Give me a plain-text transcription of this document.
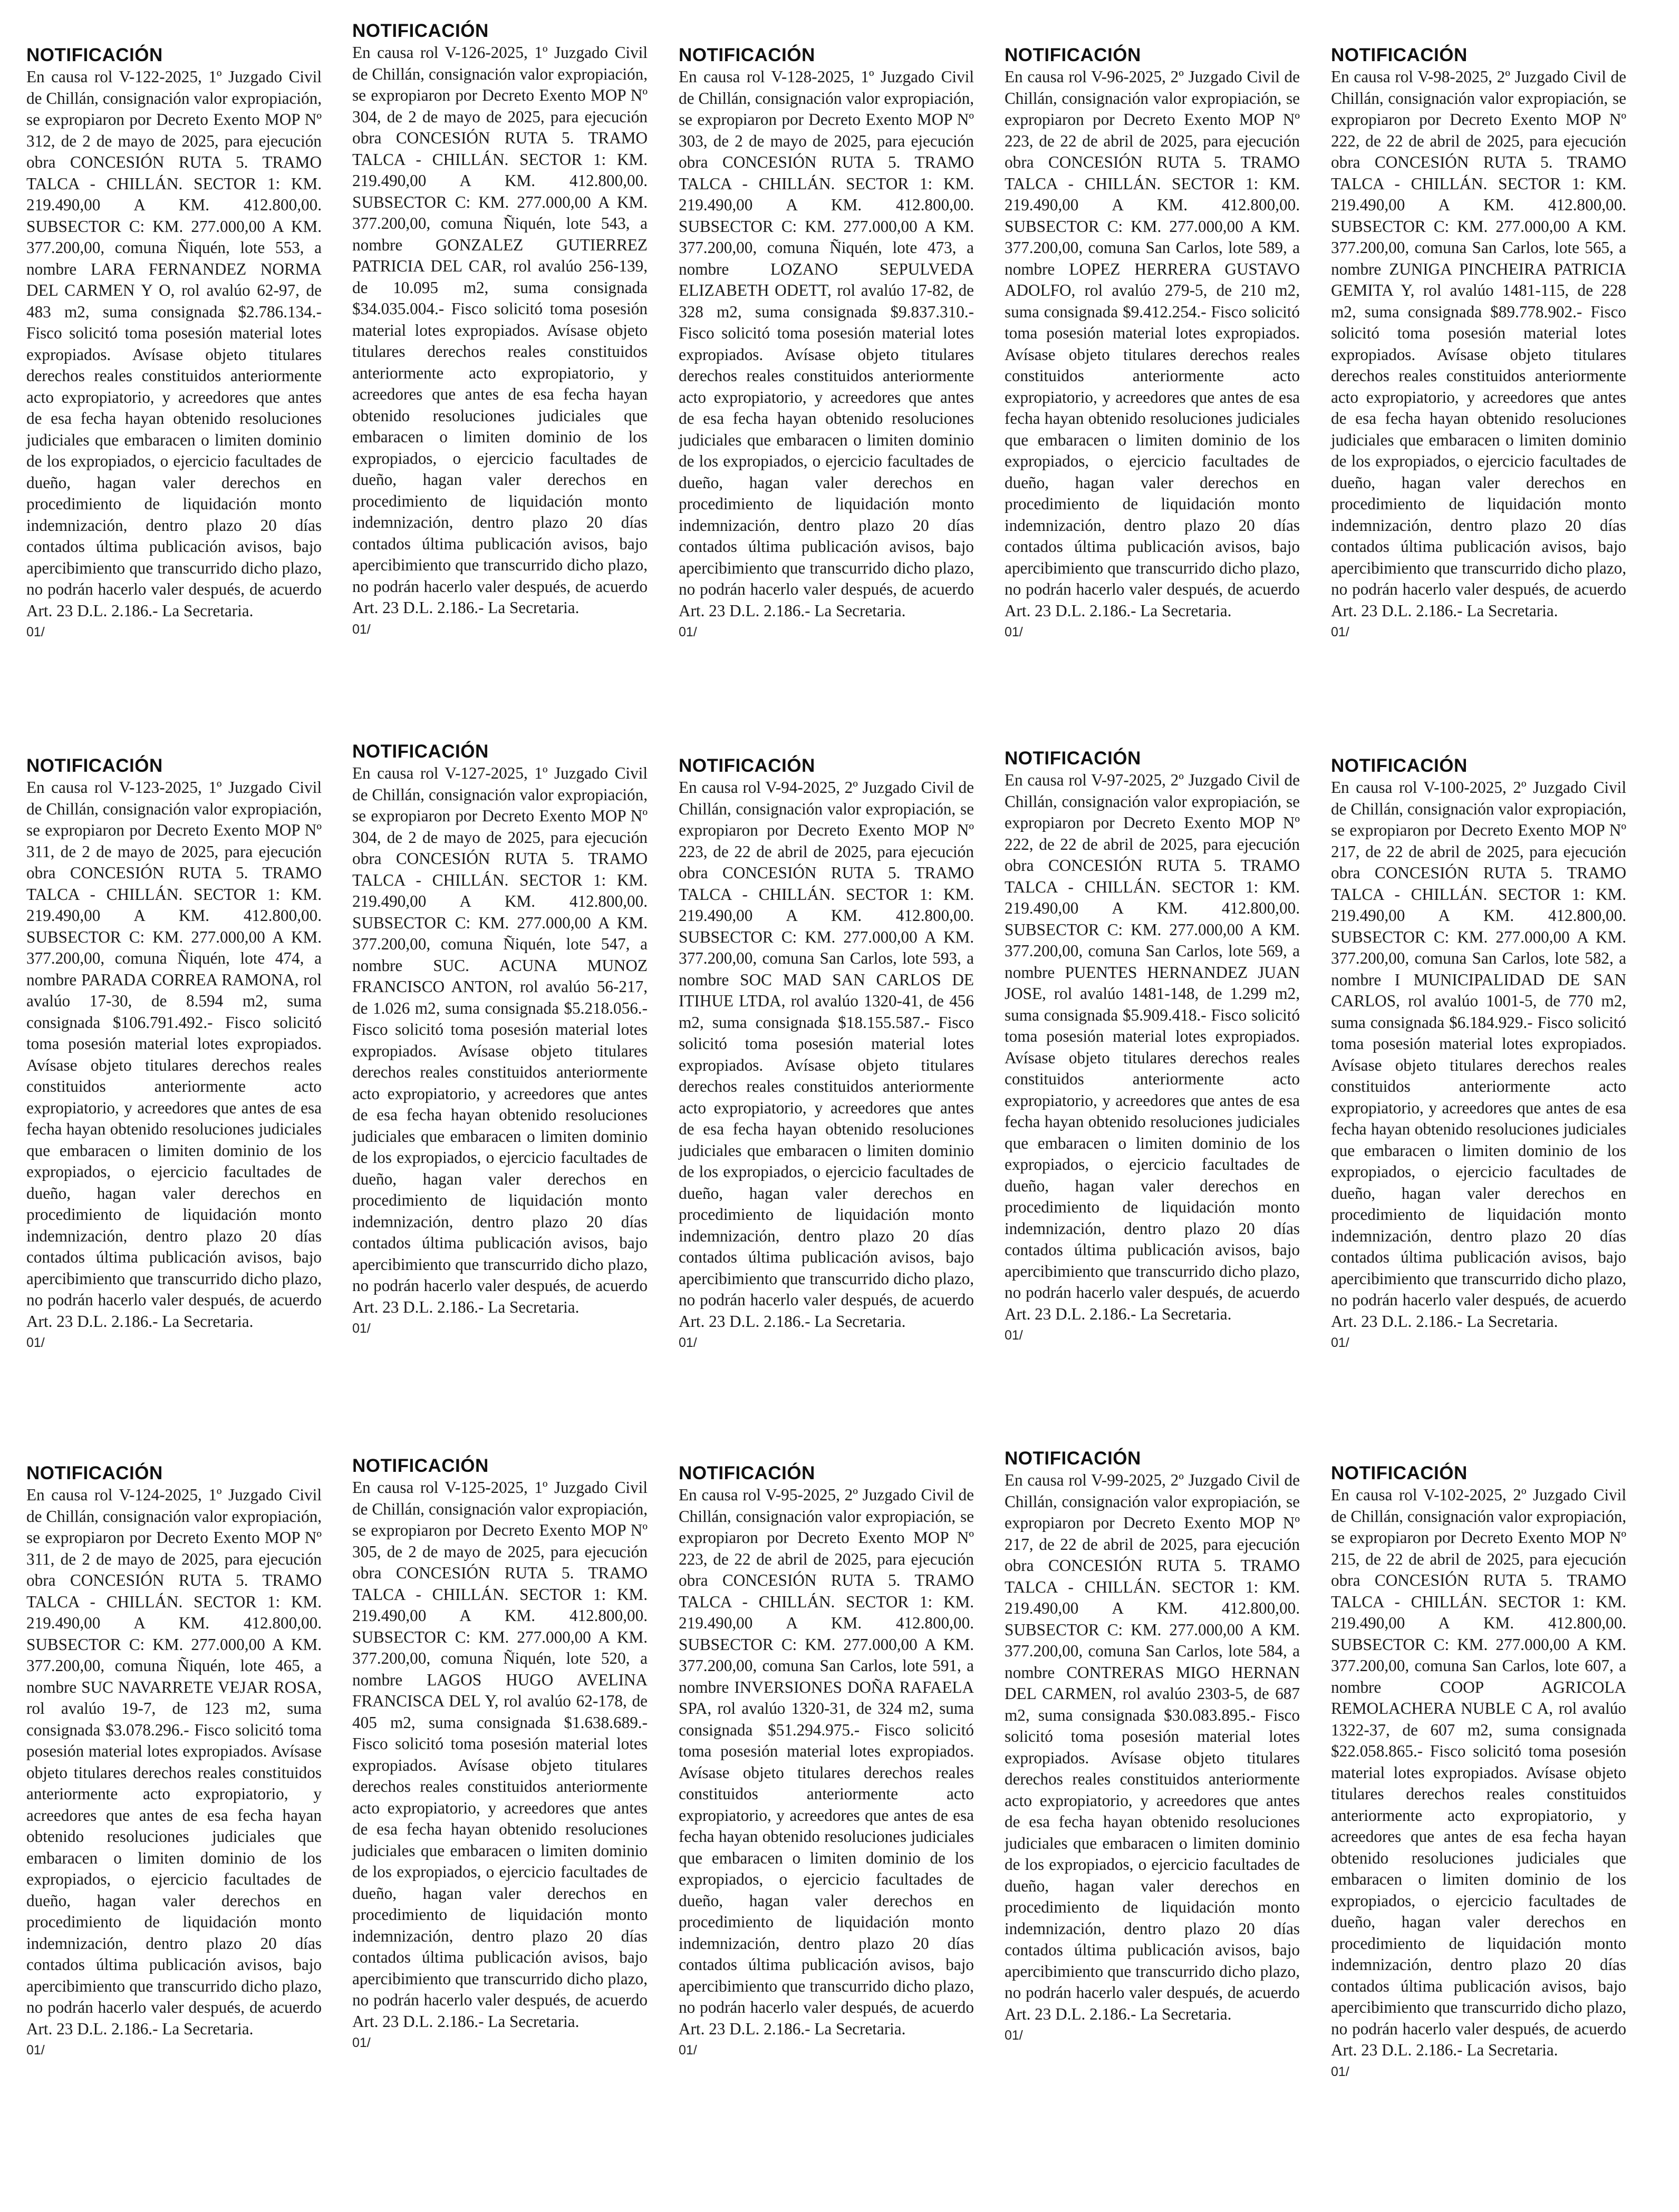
NOTIFICACIÓN

En causa rol V-122-2025, 1º Juzgado Civil de Chillán, consignación valor expropiación, se expropiaron por Decreto Exento MOP Nº 312, de 2 de mayo de 2025, para ejecución obra CONCESIÓN RUTA 5. TRAMO TALCA - CHILLÁN. SECTOR 1: KM. 219.490,00 A KM. 412.800,00. SUBSECTOR C: KM. 277.000,00 A KM. 377.200,00, comuna Ñiquén, lote 553, a nombre LARA FERNANDEZ NORMA DEL CARMEN Y O, rol avalúo 62-97, de 483 m2, suma consignada $2.786.134.- Fisco solicitó toma posesión material lotes expropiados. Avísase objeto titulares derechos reales constituidos anteriormente acto expropiatorio, y acreedores que antes de esa fecha hayan obtenido resoluciones judiciales que embaracen o limiten dominio de los expropiados, o ejercicio facultades de dueño, hagan valer derechos en procedimiento de liquidación monto indemnización, dentro plazo 20 días contados última publicación avisos, bajo apercibimiento que transcurrido dicho plazo, no podrán hacerlo valer después, de acuerdo Art. 23 D.L. 2.186.- La Secretaria.

01/
NOTIFICACIÓN

En causa rol V-126-2025, 1º Juzgado Civil de Chillán, consignación valor expropiación, se expropiaron por Decreto Exento MOP Nº 304, de 2 de mayo de 2025, para ejecución obra CONCESIÓN RUTA 5. TRAMO TALCA - CHILLÁN. SECTOR 1: KM. 219.490,00 A KM. 412.800,00. SUBSECTOR C: KM. 277.000,00 A KM. 377.200,00, comuna Ñiquén, lote 543, a nombre GONZALEZ GUTIERREZ PATRICIA DEL CAR, rol avalúo 256-139, de 10.095 m2, suma consignada $34.035.004.- Fisco solicitó toma posesión material lotes expropiados. Avísase objeto titulares derechos reales constituidos anteriormente acto expropiatorio, y acreedores que antes de esa fecha hayan obtenido resoluciones judiciales que embaracen o limiten dominio de los expropiados, o ejercicio facultades de dueño, hagan valer derechos en procedimiento de liquidación monto indemnización, dentro plazo 20 días contados última publicación avisos, bajo apercibimiento que transcurrido dicho plazo, no podrán hacerlo valer después, de acuerdo Art. 23 D.L. 2.186.- La Secretaria.

01/
NOTIFICACIÓN

En causa rol V-128-2025, 1º Juzgado Civil de Chillán, consignación valor expropiación, se expropiaron por Decreto Exento MOP Nº 303, de 2 de mayo de 2025, para ejecución obra CONCESIÓN RUTA 5. TRAMO TALCA - CHILLÁN. SECTOR 1: KM. 219.490,00 A KM. 412.800,00. SUBSECTOR C: KM. 277.000,00 A KM. 377.200,00, comuna Ñiquén, lote 473, a nombre LOZANO SEPULVEDA ELIZABETH ODETT, rol avalúo 17-82, de 328 m2, suma consignada $9.837.310.- Fisco solicitó toma posesión material lotes expropiados. Avísase objeto titulares derechos reales constituidos anteriormente acto expropiatorio, y acreedores que antes de esa fecha hayan obtenido resoluciones judiciales que embaracen o limiten dominio de los expropiados, o ejercicio facultades de dueño, hagan valer derechos en procedimiento de liquidación monto indemnización, dentro plazo 20 días contados última publicación avisos, bajo apercibimiento que transcurrido dicho plazo, no podrán hacerlo valer después, de acuerdo Art. 23 D.L. 2.186.- La Secretaria.

01/
NOTIFICACIÓN

En causa rol V-96-2025, 2º Juzgado Civil de Chillán, consignación valor expropiación, se expropiaron por Decreto Exento MOP Nº 223, de 22 de abril de 2025, para ejecución obra CONCESIÓN RUTA 5. TRAMO TALCA - CHILLÁN. SECTOR 1: KM. 219.490,00 A KM. 412.800,00. SUBSECTOR C: KM. 277.000,00 A KM. 377.200,00, comuna San Carlos, lote 589, a nombre LOPEZ HERRERA GUSTAVO ADOLFO, rol avalúo 279-5, de 210 m2, suma consignada $9.412.254.- Fisco solicitó toma posesión material lotes expropiados. Avísase objeto titulares derechos reales constituidos anteriormente acto expropiatorio, y acreedores que antes de esa fecha hayan obtenido resoluciones judiciales que embaracen o limiten dominio de los expropiados, o ejercicio facultades de dueño, hagan valer derechos en procedimiento de liquidación monto indemnización, dentro plazo 20 días contados última publicación avisos, bajo apercibimiento que transcurrido dicho plazo, no podrán hacerlo valer después, de acuerdo Art. 23 D.L. 2.186.- La Secretaria.

01/
NOTIFICACIÓN

En causa rol V-98-2025, 2º Juzgado Civil de Chillán, consignación valor expropiación, se expropiaron por Decreto Exento MOP Nº 222, de 22 de abril de 2025, para ejecución obra CONCESIÓN RUTA 5. TRAMO TALCA - CHILLÁN. SECTOR 1: KM. 219.490,00 A KM. 412.800,00. SUBSECTOR C: KM. 277.000,00 A KM. 377.200,00, comuna San Carlos, lote 565, a nombre ZUNIGA PINCHEIRA PATRICIA GEMITA Y, rol avalúo 1481-115, de 228 m2, suma consignada $89.778.902.- Fisco solicitó toma posesión material lotes expropiados. Avísase objeto titulares derechos reales constituidos anteriormente acto expropiatorio, y acreedores que antes de esa fecha hayan obtenido resoluciones judiciales que embaracen o limiten dominio de los expropiados, o ejercicio facultades de dueño, hagan valer derechos en procedimiento de liquidación monto indemnización, dentro plazo 20 días contados última publicación avisos, bajo apercibimiento que transcurrido dicho plazo, no podrán hacerlo valer después, de acuerdo Art. 23 D.L. 2.186.- La Secretaria.

01/
NOTIFICACIÓN

En causa rol V-123-2025, 1º Juzgado Civil de Chillán, consignación valor expropiación, se expropiaron por Decreto Exento MOP Nº 311, de 2 de mayo de 2025, para ejecución obra CONCESIÓN RUTA 5. TRAMO TALCA - CHILLÁN. SECTOR 1: KM. 219.490,00 A KM. 412.800,00. SUBSECTOR C: KM. 277.000,00 A KM. 377.200,00, comuna Ñiquén, lote 474, a nombre PARADA CORREA RAMONA, rol avalúo 17-30, de 8.594 m2, suma consignada $106.791.492.- Fisco solicitó toma posesión material lotes expropiados. Avísase objeto titulares derechos reales constituidos anteriormente acto expropiatorio, y acreedores que antes de esa fecha hayan obtenido resoluciones judiciales que embaracen o limiten dominio de los expropiados, o ejercicio facultades de dueño, hagan valer derechos en procedimiento de liquidación monto indemnización, dentro plazo 20 días contados última publicación avisos, bajo apercibimiento que transcurrido dicho plazo, no podrán hacerlo valer después, de acuerdo Art. 23 D.L. 2.186.- La Secretaria.

01/
NOTIFICACIÓN

En causa rol V-127-2025, 1º Juzgado Civil de Chillán, consignación valor expropiación, se expropiaron por Decreto Exento MOP Nº 304, de 2 de mayo de 2025, para ejecución obra CONCESIÓN RUTA 5. TRAMO TALCA - CHILLÁN. SECTOR 1: KM. 219.490,00 A KM. 412.800,00. SUBSECTOR C: KM. 277.000,00 A KM. 377.200,00, comuna Ñiquén, lote 547, a nombre SUC. ACUNA MUNOZ FRANCISCO ANTON, rol avalúo 56-217, de 1.026 m2, suma consignada $5.218.056.- Fisco solicitó toma posesión material lotes expropiados. Avísase objeto titulares derechos reales constituidos anteriormente acto expropiatorio, y acreedores que antes de esa fecha hayan obtenido resoluciones judiciales que embaracen o limiten dominio de los expropiados, o ejercicio facultades de dueño, hagan valer derechos en procedimiento de liquidación monto indemnización, dentro plazo 20 días contados última publicación avisos, bajo apercibimiento que transcurrido dicho plazo, no podrán hacerlo valer después, de acuerdo Art. 23 D.L. 2.186.- La Secretaria.

01/
NOTIFICACIÓN

En causa rol V-94-2025, 2º Juzgado Civil de Chillán, consignación valor expropiación, se expropiaron por Decreto Exento MOP Nº 223, de 22 de abril de 2025, para ejecución obra CONCESIÓN RUTA 5. TRAMO TALCA - CHILLÁN. SECTOR 1: KM. 219.490,00 A KM. 412.800,00. SUBSECTOR C: KM. 277.000,00 A KM. 377.200,00, comuna San Carlos, lote 593, a nombre SOC MAD SAN CARLOS DE ITIHUE LTDA, rol avalúo 1320-41, de 456 m2, suma consignada $18.155.587.- Fisco solicitó toma posesión material lotes expropiados. Avísase objeto titulares derechos reales constituidos anteriormente acto expropiatorio, y acreedores que antes de esa fecha hayan obtenido resoluciones judiciales que embaracen o limiten dominio de los expropiados, o ejercicio facultades de dueño, hagan valer derechos en procedimiento de liquidación monto indemnización, dentro plazo 20 días contados última publicación avisos, bajo apercibimiento que transcurrido dicho plazo, no podrán hacerlo valer después, de acuerdo Art. 23 D.L. 2.186.- La Secretaria.

01/
NOTIFICACIÓN

En causa rol V-97-2025, 2º Juzgado Civil de Chillán, consignación valor expropiación, se expropiaron por Decreto Exento MOP Nº 222, de 22 de abril de 2025, para ejecución obra CONCESIÓN RUTA 5. TRAMO TALCA - CHILLÁN. SECTOR 1: KM. 219.490,00 A KM. 412.800,00. SUBSECTOR C: KM. 277.000,00 A KM. 377.200,00, comuna San Carlos, lote 569, a nombre PUENTES HERNANDEZ JUAN JOSE, rol avalúo 1481-148, de 1.299 m2, suma consignada $5.909.418.- Fisco solicitó toma posesión material lotes expropiados. Avísase objeto titulares derechos reales constituidos anteriormente acto expropiatorio, y acreedores que antes de esa fecha hayan obtenido resoluciones judiciales que embaracen o limiten dominio de los expropiados, o ejercicio facultades de dueño, hagan valer derechos en procedimiento de liquidación monto indemnización, dentro plazo 20 días contados última publicación avisos, bajo apercibimiento que transcurrido dicho plazo, no podrán hacerlo valer después, de acuerdo Art. 23 D.L. 2.186.- La Secretaria.

01/
NOTIFICACIÓN

En causa rol V-100-2025, 2º Juzgado Civil de Chillán, consignación valor expropiación, se expropiaron por Decreto Exento MOP Nº 217, de 22 de abril de 2025, para ejecución obra CONCESIÓN RUTA 5. TRAMO TALCA - CHILLÁN. SECTOR 1: KM. 219.490,00 A KM. 412.800,00. SUBSECTOR C: KM. 277.000,00 A KM. 377.200,00, comuna San Carlos, lote 582, a nombre I MUNICIPALIDAD DE SAN CARLOS, rol avalúo 1001-5, de 770 m2, suma consignada $6.184.929.- Fisco solicitó toma posesión material lotes expropiados. Avísase objeto titulares derechos reales constituidos anteriormente acto expropiatorio, y acreedores que antes de esa fecha hayan obtenido resoluciones judiciales que embaracen o limiten dominio de los expropiados, o ejercicio facultades de dueño, hagan valer derechos en procedimiento de liquidación monto indemnización, dentro plazo 20 días contados última publicación avisos, bajo apercibimiento que transcurrido dicho plazo, no podrán hacerlo valer después, de acuerdo Art. 23 D.L. 2.186.- La Secretaria.

01/
NOTIFICACIÓN

En causa rol V-124-2025, 1º Juzgado Civil de Chillán, consignación valor expropiación, se expropiaron por Decreto Exento MOP Nº 311, de 2 de mayo de 2025, para ejecución obra CONCESIÓN RUTA 5. TRAMO TALCA - CHILLÁN. SECTOR 1: KM. 219.490,00 A KM. 412.800,00. SUBSECTOR C: KM. 277.000,00 A KM. 377.200,00, comuna Ñiquén, lote 465, a nombre SUC NAVARRETE VEJAR ROSA, rol avalúo 19-7, de 123 m2, suma consignada $3.078.296.- Fisco solicitó toma posesión material lotes expropiados. Avísase objeto titulares derechos reales constituidos anteriormente acto expropiatorio, y acreedores que antes de esa fecha hayan obtenido resoluciones judiciales que embaracen o limiten dominio de los expropiados, o ejercicio facultades de dueño, hagan valer derechos en procedimiento de liquidación monto indemnización, dentro plazo 20 días contados última publicación avisos, bajo apercibimiento que transcurrido dicho plazo, no podrán hacerlo valer después, de acuerdo Art. 23 D.L. 2.186.- La Secretaria.

01/
NOTIFICACIÓN

En causa rol V-125-2025, 1º Juzgado Civil de Chillán, consignación valor expropiación, se expropiaron por Decreto Exento MOP Nº 305, de 2 de mayo de 2025, para ejecución obra CONCESIÓN RUTA 5. TRAMO TALCA - CHILLÁN. SECTOR 1: KM. 219.490,00 A KM. 412.800,00. SUBSECTOR C: KM. 277.000,00 A KM. 377.200,00, comuna Ñiquén, lote 520, a nombre LAGOS HUGO AVELINA FRANCISCA DEL Y, rol avalúo 62-178, de 405 m2, suma consignada $1.638.689.- Fisco solicitó toma posesión material lotes expropiados. Avísase objeto titulares derechos reales constituidos anteriormente acto expropiatorio, y acreedores que antes de esa fecha hayan obtenido resoluciones judiciales que embaracen o limiten dominio de los expropiados, o ejercicio facultades de dueño, hagan valer derechos en procedimiento de liquidación monto indemnización, dentro plazo 20 días contados última publicación avisos, bajo apercibimiento que transcurrido dicho plazo, no podrán hacerlo valer después, de acuerdo Art. 23 D.L. 2.186.- La Secretaria.

01/
NOTIFICACIÓN

En causa rol V-95-2025, 2º Juzgado Civil de Chillán, consignación valor expropiación, se expropiaron por Decreto Exento MOP Nº 223, de 22 de abril de 2025, para ejecución obra CONCESIÓN RUTA 5. TRAMO TALCA - CHILLÁN. SECTOR 1: KM. 219.490,00 A KM. 412.800,00. SUBSECTOR C: KM. 277.000,00 A KM. 377.200,00, comuna San Carlos, lote 591, a nombre INVERSIONES DOÑA RAFAELA SPA, rol avalúo 1320-31, de 324 m2, suma consignada $51.294.975.- Fisco solicitó toma posesión material lotes expropiados. Avísase objeto titulares derechos reales constituidos anteriormente acto expropiatorio, y acreedores que antes de esa fecha hayan obtenido resoluciones judiciales que embaracen o limiten dominio de los expropiados, o ejercicio facultades de dueño, hagan valer derechos en procedimiento de liquidación monto indemnización, dentro plazo 20 días contados última publicación avisos, bajo apercibimiento que transcurrido dicho plazo, no podrán hacerlo valer después, de acuerdo Art. 23 D.L. 2.186.- La Secretaria.

01/
NOTIFICACIÓN

En causa rol V-99-2025, 2º Juzgado Civil de Chillán, consignación valor expropiación, se expropiaron por Decreto Exento MOP Nº 217, de 22 de abril de 2025, para ejecución obra CONCESIÓN RUTA 5. TRAMO TALCA - CHILLÁN. SECTOR 1: KM. 219.490,00 A KM. 412.800,00. SUBSECTOR C: KM. 277.000,00 A KM. 377.200,00, comuna San Carlos, lote 584, a nombre CONTRERAS MIGO HERNAN DEL CARMEN, rol avalúo 2303-5, de 687 m2, suma consignada $30.083.895.- Fisco solicitó toma posesión material lotes expropiados. Avísase objeto titulares derechos reales constituidos anteriormente acto expropiatorio, y acreedores que antes de esa fecha hayan obtenido resoluciones judiciales que embaracen o limiten dominio de los expropiados, o ejercicio facultades de dueño, hagan valer derechos en procedimiento de liquidación monto indemnización, dentro plazo 20 días contados última publicación avisos, bajo apercibimiento que transcurrido dicho plazo, no podrán hacerlo valer después, de acuerdo Art. 23 D.L. 2.186.- La Secretaria.

01/
NOTIFICACIÓN

En causa rol V-102-2025, 2º Juzgado Civil de Chillán, consignación valor expropiación, se expropiaron por Decreto Exento MOP Nº 215, de 22 de abril de 2025, para ejecución obra CONCESIÓN RUTA 5. TRAMO TALCA - CHILLÁN. SECTOR 1: KM. 219.490,00 A KM. 412.800,00. SUBSECTOR C: KM. 277.000,00 A KM. 377.200,00, comuna San Carlos, lote 607, a nombre COOP AGRICOLA REMOLACHERA NUBLE C A, rol avalúo 1322-37, de 607 m2, suma consignada $22.058.865.- Fisco solicitó toma posesión material lotes expropiados. Avísase objeto titulares derechos reales constituidos anteriormente acto expropiatorio, y acreedores que antes de esa fecha hayan obtenido resoluciones judiciales que embaracen o limiten dominio de los expropiados, o ejercicio facultades de dueño, hagan valer derechos en procedimiento de liquidación monto indemnización, dentro plazo 20 días contados última publicación avisos, bajo apercibimiento que transcurrido dicho plazo, no podrán hacerlo valer después, de acuerdo Art. 23 D.L. 2.186.- La Secretaria.

01/
